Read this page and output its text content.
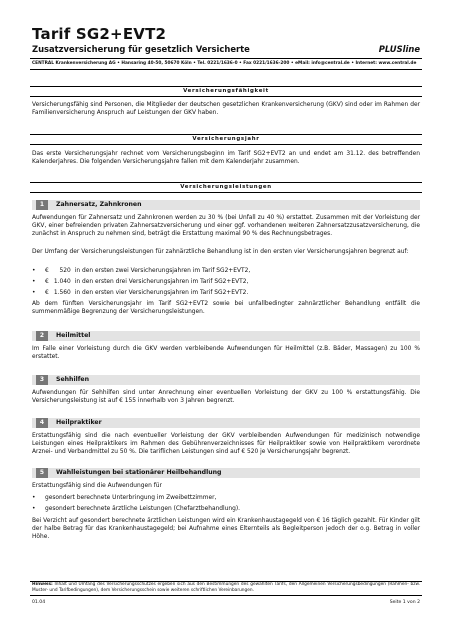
Tarif SG2+EVT2
Zusatzversicherung für gesetzlich Versicherte	PLUSline
CENTRAL Krankenversicherung AG • Hansaring 40-50, 50670 Köln • Tel. 0221/1636-0 • Fax 0221/1636-200 • eMail: info@central.de • Internet: www.central.de
Versicherungsfähigkeit
Versicherungsfähig sind Personen, die Mitglieder der deutschen gesetzlichen Krankenversicherung (GKV) sind oder im Rahmen der Familienversicherung Anspruch auf Leistungen der GKV haben.
Versicherungsjahr
Das erste Versicherungsjahr rechnet vom Versicherungsbeginn im Tarif SG2+EVT2 an und endet am 31.12. des betreffenden Kalenderjahres. Die folgenden Versicherungsjahre fallen mit dem Kalenderjahr zusammen.
Versicherungsleistungen
1	Zahnersatz, Zahnkronen
Aufwendungen für Zahnersatz und Zahnkronen werden zu 30 % (bei Unfall zu 40 %) erstattet. Zusammen mit der Vorleistung der GKV, einer befreienden privaten Zahnersatzversicherung und einer ggf. vorhandenen weiteren Zahnersatzzusatzversicherung, die zunächst in Anspruch zu nehmen sind, beträgt die Erstattung maximal 90 % des Rechnungsbetrages.
Der Umfang der Versicherungsleistungen für zahnärztliche Behandlung ist in den ersten vier Versicherungsjahren begrenzt auf:
• € 520 in den ersten zwei Versicherungsjahren im Tarif SG2+EVT2,
• € 1.040 in den ersten drei Versicherungsjahren im Tarif SG2+EVT2,
• € 1.560 in den ersten vier Versicherungsjahren im Tarif SG2+EVT2.
Ab dem fünften Versicherungsjahr im Tarif SG2+EVT2 sowie bei unfallbedingter zahnärztlicher Behandlung entfällt die summenmäßige Begrenzung der Versicherungsleistungen.
2	Heilmittel
Im Falle einer Vorleistung durch die GKV werden verbleibende Aufwendungen für Heilmittel (z.B. Bäder, Massagen) zu 100 % erstattet.
3	Sehhilfen
Aufwendungen für Sehhilfen sind unter Anrechnung einer eventuellen Vorleistung der GKV zu 100 % erstattungsfähig. Die Versicherungsleistung ist auf € 155 innerhalb von 3 Jahren begrenzt.
4	Heilpraktiker
Erstattungsfähig sind die nach eventueller Vorleistung der GKV verbleibenden Aufwendungen für medizinisch notwendige Leistungen eines Heilpraktikers im Rahmen des Gebührenverzeichnisses für Heilpraktiker sowie von Heilpraktikern verordnete Arznei- und Verbandmittel zu 50 %. Die tariflichen Leistungen sind auf € 520 je Versicherungsjahr begrenzt.
5	Wahlleistungen bei stationärer Heilbehandlung
Erstattungsfähig sind die Aufwendungen für
• gesondert berechnete Unterbringung im Zweibettzimmer,
• gesondert berechnete ärztliche Leistungen (Chefarztbehandlung).
Bei Verzicht auf gesondert berechnete ärztlichen Leistungen wird ein Krankenhaustagegeld von € 16 täglich gezahlt. Für Kinder gilt der halbe Betrag für das Krankenhaustagegeld; bei Aufnahme eines Elternteils als Begleitperson jedoch der o.g. Betrag in voller Höhe.
Hinweis: Inhalt und Umfang des Versicherungsschutzes ergeben sich aus den Bestimmungen des gewählten Tarifs, den Allgemeinen Versicherungsbedingungen (Rahmen- bzw. Muster- und Tarifbedingungen), dem Versicherungsschein sowie weiteren schriftlichen Vereinbarungen.
01.04	Seite 1 von 2
